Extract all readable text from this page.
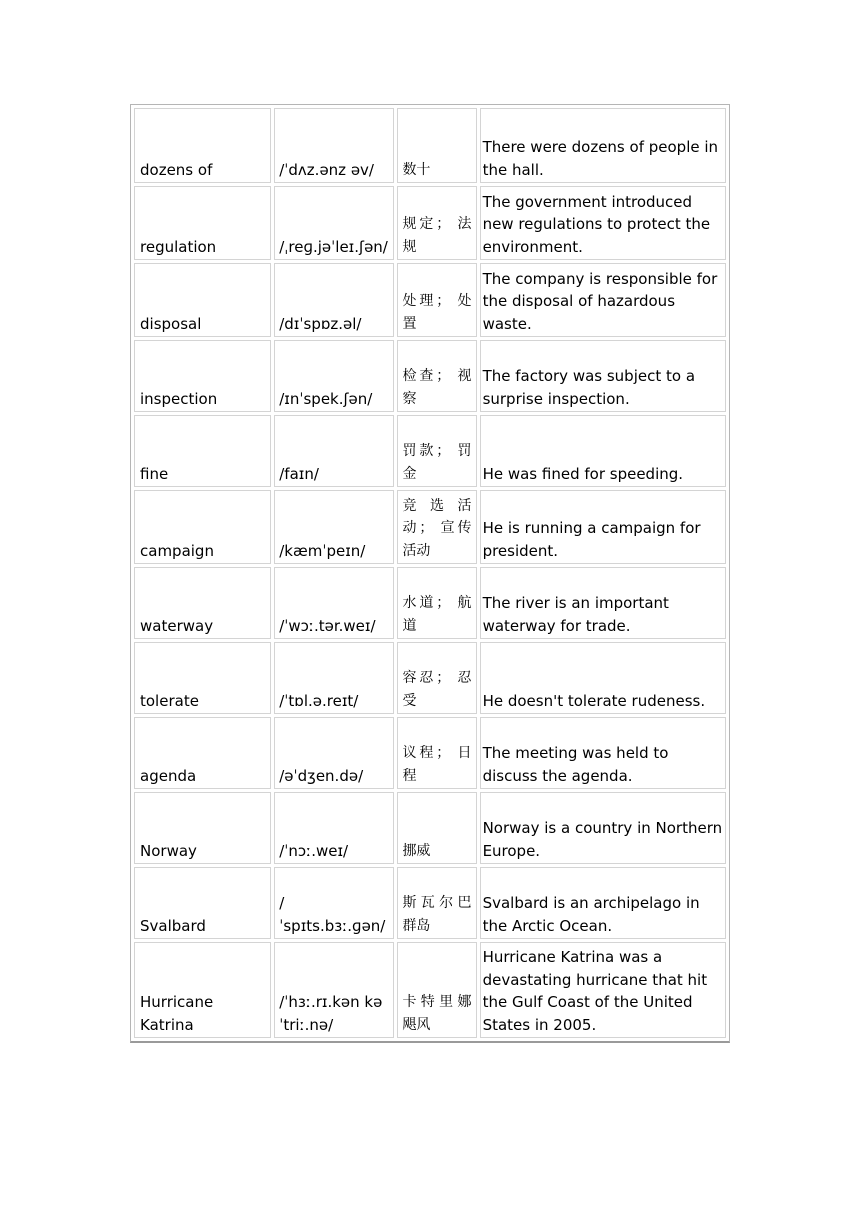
dozens of	/ˈdʌz.ənz əv/	数十	There were dozens of people in the hall.
regulation	/ˌreɡ.jəˈleɪ.ʃən/	规定； 法规	The government introduced new regulations to protect the environment.
disposal	/dɪˈspɒz.əl/	处理； 处置	The company is responsible for the disposal of hazardous waste.
inspection	/ɪnˈspek.ʃən/	检查； 视察	The factory was subject to a surprise inspection.
fine	/faɪn/	罚款； 罚金	He was fined for speeding.
campaign	/kæmˈpeɪn/	竞选活动； 宣传活动	He is running a campaign for president.
waterway	/ˈwɔː.tər.weɪ/	水道； 航道	The river is an important waterway for trade.
tolerate	/ˈtɒl.ə.reɪt/	容忍； 忍受	He doesn't tolerate rudeness.
agenda	/əˈdʒen.də/	议程； 日程	The meeting was held to discuss the agenda.
Norway	/ˈnɔː.weɪ/	挪威	Norway is a country in Northern Europe.
Svalbard	/ˈspɪts.bɜː.ɡən/	斯瓦尔巴群岛	Svalbard is an archipelago in the Arctic Ocean.
Hurricane Katrina	/ˈhɜː.rɪ.kən kəˈtriː.nə/	卡特里娜飓风	Hurricane Katrina was a devastating hurricane that hit the Gulf Coast of the United States in 2005.
